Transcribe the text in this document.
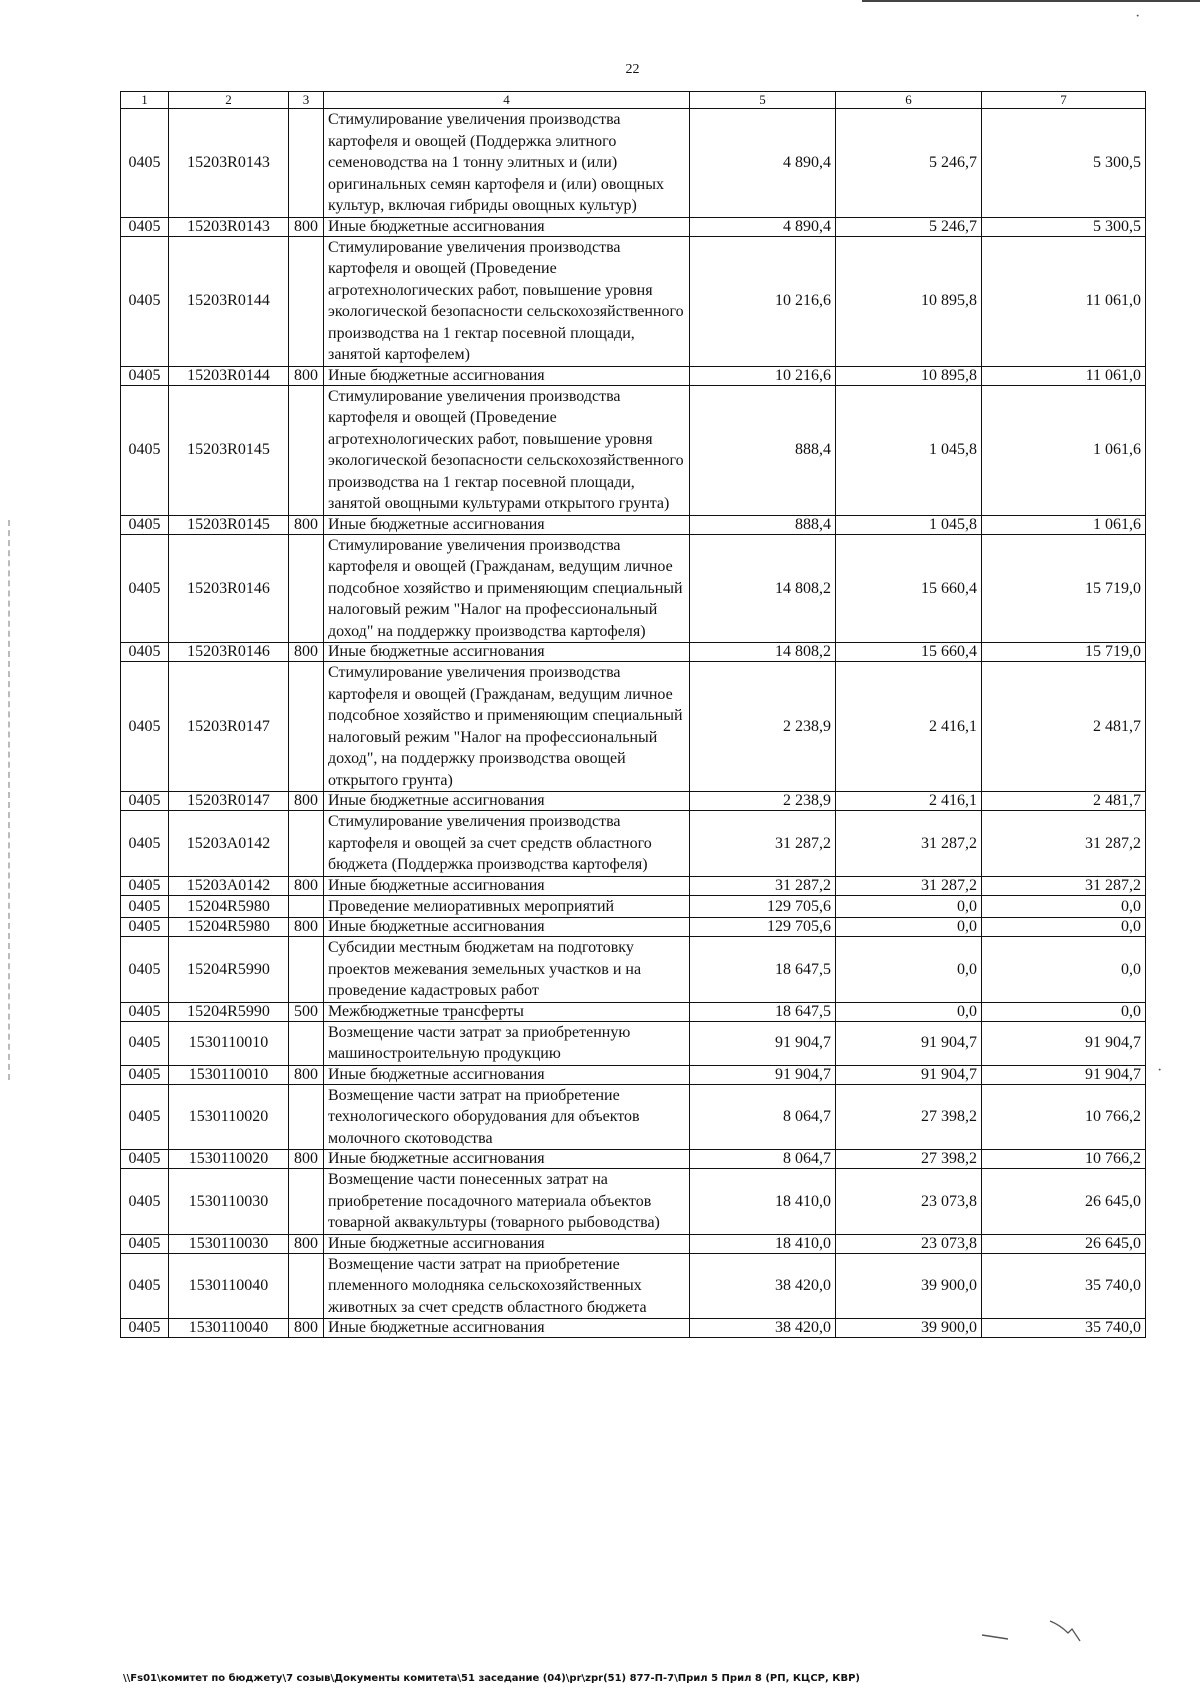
·
·
22
1	2	3	4	5	6	7
0405	15203R0143		Стимулирование увеличения производства картофеля и овощей (Поддержка элитного семеноводства на 1 тонну элитных и (или) оригинальных семян картофеля и (или) овощных культур, включая гибриды овощных культур)	4 890,4	5 246,7	5 300,5
0405	15203R0143	800	Иные бюджетные ассигнования	4 890,4	5 246,7	5 300,5
0405	15203R0144		Стимулирование увеличения производства картофеля и овощей (Проведение агротехнологических работ, повышение уровня экологической безопасности сельскохозяйственного производства на 1 гектар посевной площади, занятой картофелем)	10 216,6	10 895,8	11 061,0
0405	15203R0144	800	Иные бюджетные ассигнования	10 216,6	10 895,8	11 061,0
0405	15203R0145		Стимулирование увеличения производства картофеля и овощей (Проведение агротехнологических работ, повышение уровня экологической безопасности сельскохозяйственного производства на 1 гектар посевной площади, занятой овощными культурами открытого грунта)	888,4	1 045,8	1 061,6
0405	15203R0145	800	Иные бюджетные ассигнования	888,4	1 045,8	1 061,6
0405	15203R0146		Стимулирование увеличения производства картофеля и овощей (Гражданам, ведущим личное подсобное хозяйство и применяющим специальный налоговый режим "Налог на профессиональный доход" на поддержку производства картофеля)	14 808,2	15 660,4	15 719,0
0405	15203R0146	800	Иные бюджетные ассигнования	14 808,2	15 660,4	15 719,0
0405	15203R0147		Стимулирование увеличения производства картофеля и овощей (Гражданам, ведущим личное подсобное хозяйство и применяющим специальный налоговый режим "Налог на профессиональный доход", на поддержку производства овощей открытого грунта)	2 238,9	2 416,1	2 481,7
0405	15203R0147	800	Иные бюджетные ассигнования	2 238,9	2 416,1	2 481,7
0405	15203A0142		Стимулирование увеличения производства картофеля и овощей за счет средств областного бюджета (Поддержка производства картофеля)	31 287,2	31 287,2	31 287,2
0405	15203A0142	800	Иные бюджетные ассигнования	31 287,2	31 287,2	31 287,2
0405	15204R5980		Проведение мелиоративных мероприятий	129 705,6	0,0	0,0
0405	15204R5980	800	Иные бюджетные ассигнования	129 705,6	0,0	0,0
0405	15204R5990		Субсидии местным бюджетам на подготовку проектов межевания земельных участков и на проведение кадастровых работ	18 647,5	0,0	0,0
0405	15204R5990	500	Межбюджетные трансферты	18 647,5	0,0	0,0
0405	1530110010		Возмещение части затрат за приобретенную машиностроительную продукцию	91 904,7	91 904,7	91 904,7
0405	1530110010	800	Иные бюджетные ассигнования	91 904,7	91 904,7	91 904,7
0405	1530110020		Возмещение части затрат на приобретение технологического оборудования для объектов молочного скотоводства	8 064,7	27 398,2	10 766,2
0405	1530110020	800	Иные бюджетные ассигнования	8 064,7	27 398,2	10 766,2
0405	1530110030		Возмещение части понесенных затрат на приобретение посадочного материала объектов товарной аквакультуры (товарного рыбоводства)	18 410,0	23 073,8	26 645,0
0405	1530110030	800	Иные бюджетные ассигнования	18 410,0	23 073,8	26 645,0
0405	1530110040		Возмещение части затрат на приобретение племенного молодняка сельскохозяйственных животных за счет средств областного бюджета	38 420,0	39 900,0	35 740,0
0405	1530110040	800	Иные бюджетные ассигнования	38 420,0	39 900,0	35 740,0
\\Fs01\комитет по бюджету\7 созыв\Документы комитета\51 заседание (04)\pr\zpr(51) 877-П-7\Прил 5 Прил 8 (РП, КЦСР, КВР)
